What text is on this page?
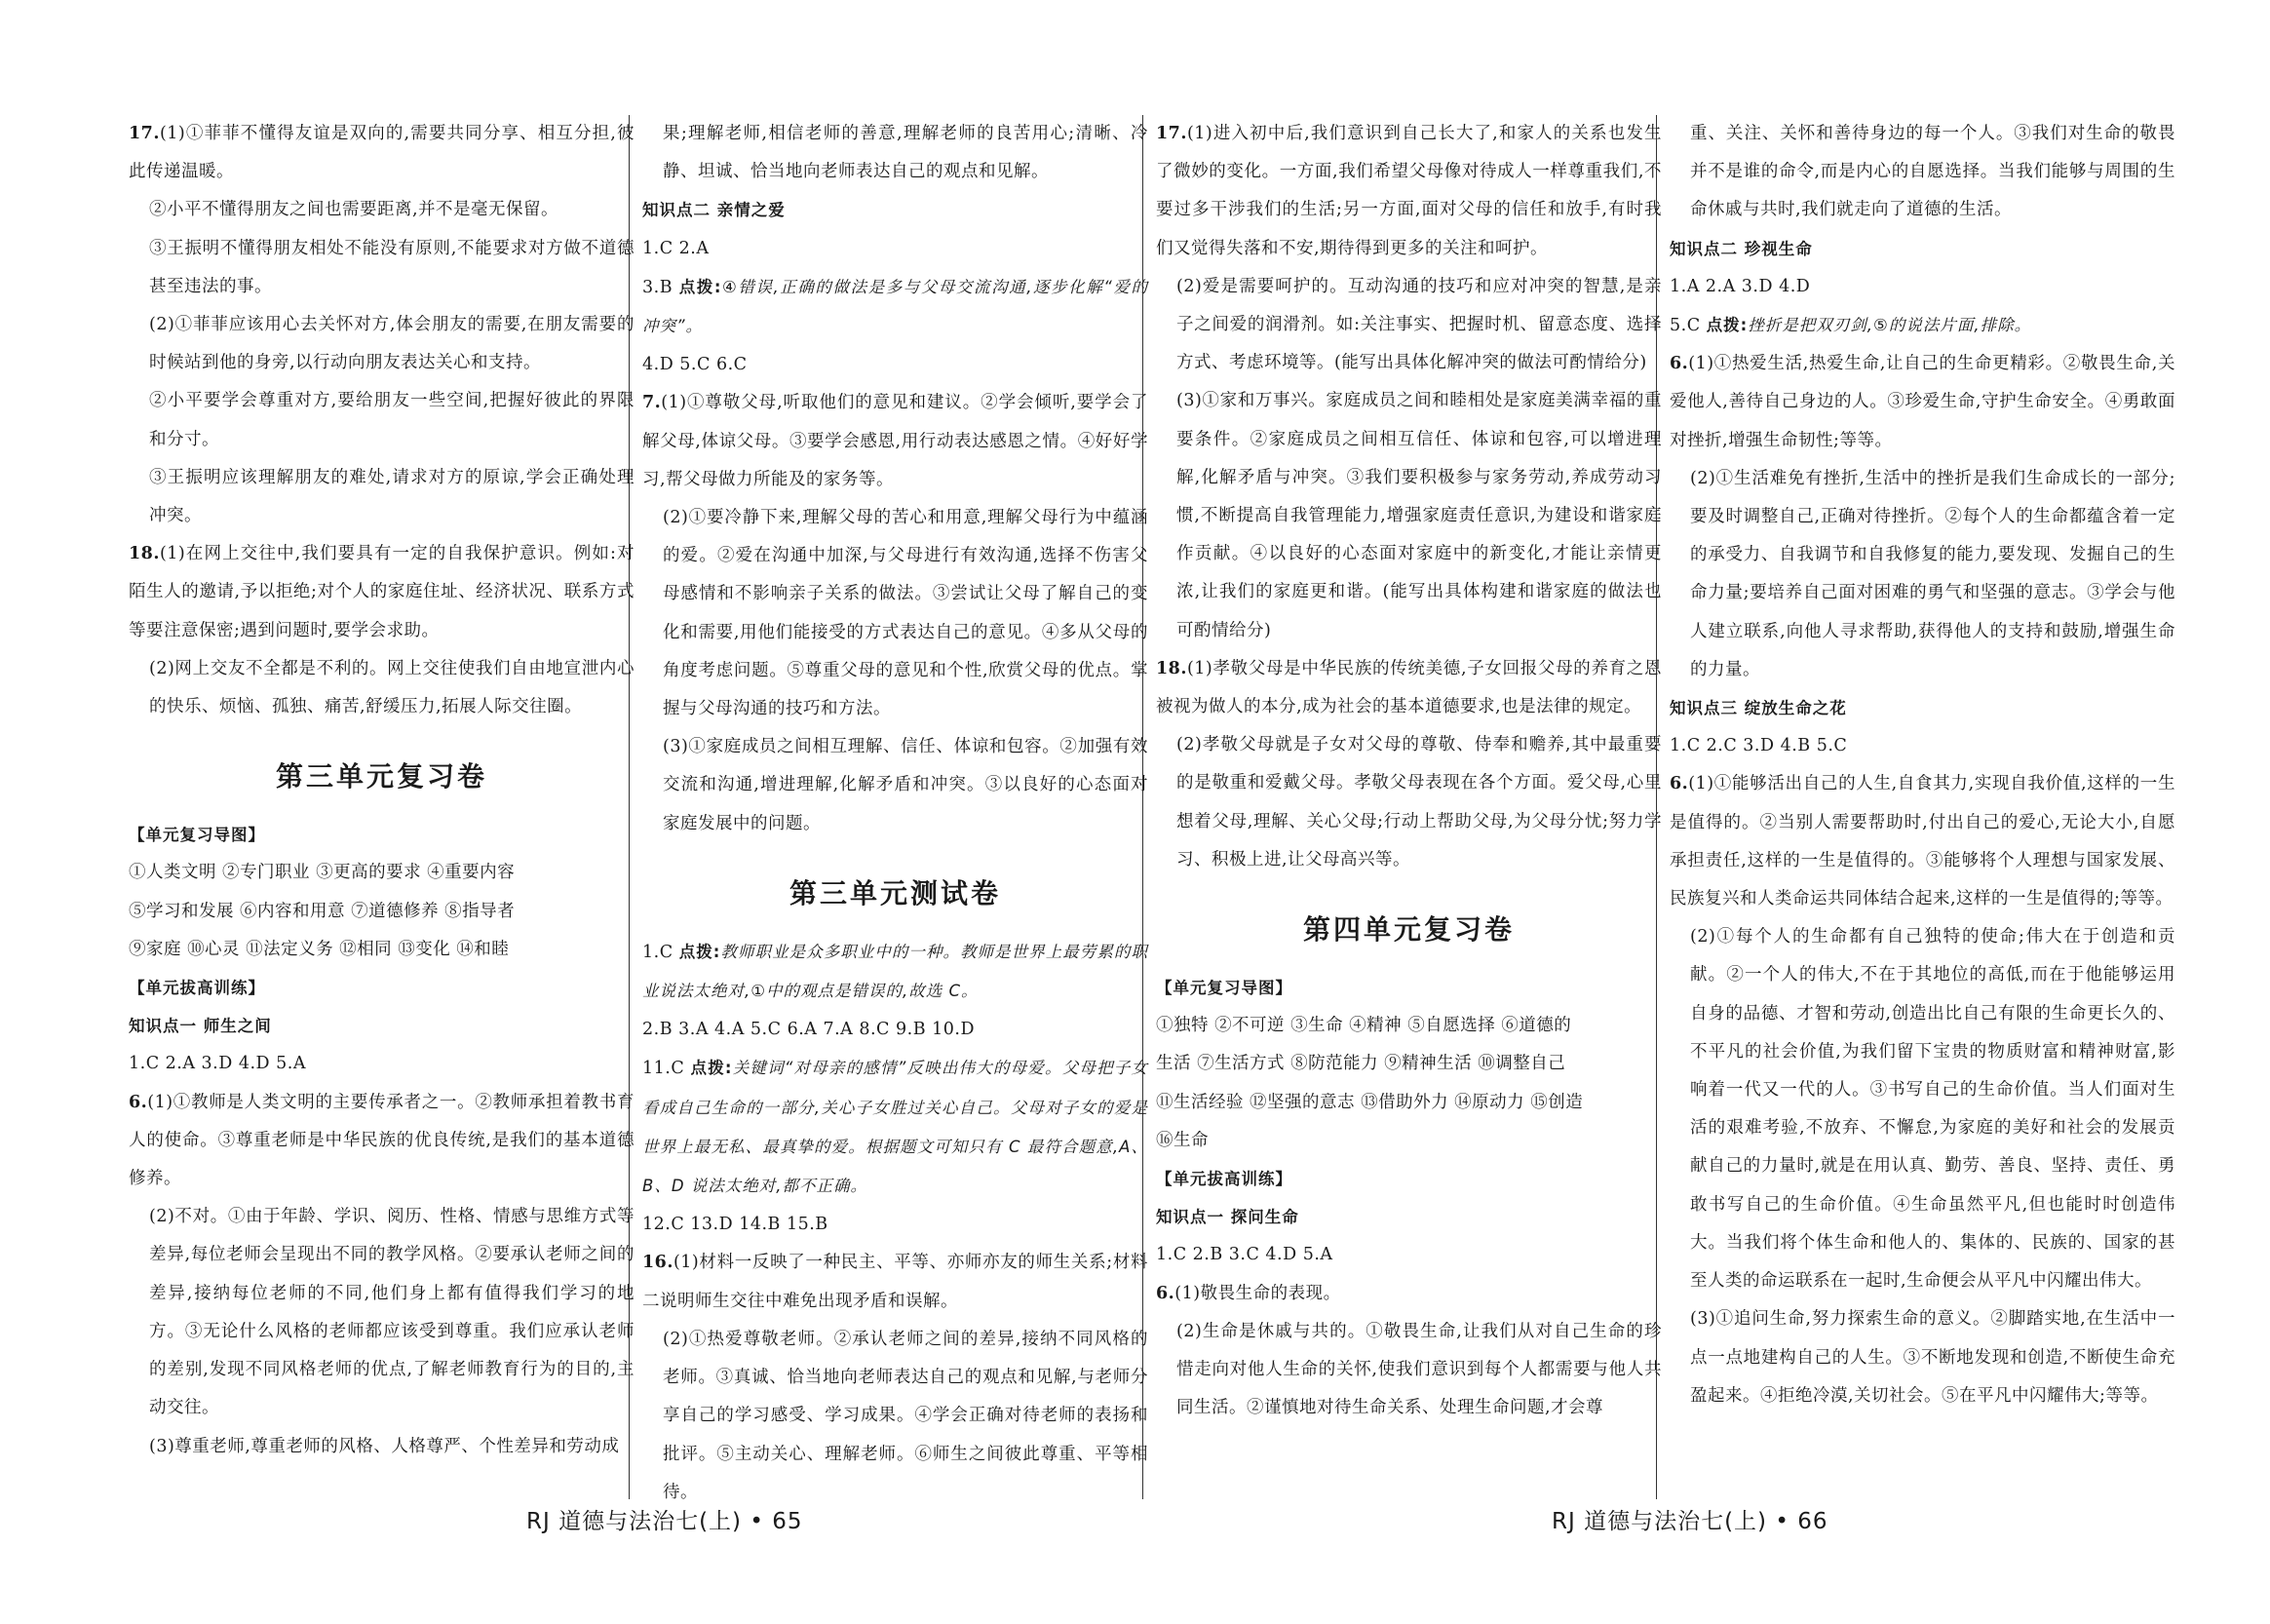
17.(1)①菲菲不懂得友谊是双向的,需要共同分享、相互分担,彼此传递温暖。

②小平不懂得朋友之间也需要距离,并不是毫无保留。

③王振明不懂得朋友相处不能没有原则,不能要求对方做不道德甚至违法的事。

(2)①菲菲应该用心去关怀对方,体会朋友的需要,在朋友需要的时候站到他的身旁,以行动向朋友表达关心和支持。

②小平要学会尊重对方,要给朋友一些空间,把握好彼此的界限和分寸。

③王振明应该理解朋友的难处,请求对方的原谅,学会正确处理冲突。

18.(1)在网上交往中,我们要具有一定的自我保护意识。例如:对陌生人的邀请,予以拒绝;对个人的家庭住址、经济状况、联系方式等要注意保密;遇到问题时,要学会求助。

(2)网上交友不全都是不利的。网上交往使我们自由地宣泄内心的快乐、烦恼、孤独、痛苦,舒缓压力,拓展人际交往圈。

第三单元复习卷

【单元复习导图】

①人类文明 ②专门职业 ③更高的要求 ④重要内容

⑤学习和发展 ⑥内容和用意 ⑦道德修养 ⑧指导者

⑨家庭 ⑩心灵 ⑪法定义务 ⑫相同 ⑬变化 ⑭和睦

【单元拔高训练】

知识点一 师生之间

1.C 2.A 3.D 4.D 5.A

6.(1)①教师是人类文明的主要传承者之一。②教师承担着教书育人的使命。③尊重老师是中华民族的优良传统,是我们的基本道德修养。

(2)不对。①由于年龄、学识、阅历、性格、情感与思维方式等差异,每位老师会呈现出不同的教学风格。②要承认老师之间的差异,接纳每位老师的不同,他们身上都有值得我们学习的地方。③无论什么风格的老师都应该受到尊重。我们应承认老师的差别,发现不同风格老师的优点,了解老师教育行为的目的,主动交往。

(3)尊重老师,尊重老师的风格、人格尊严、个性差异和劳动成

果;理解老师,相信老师的善意,理解老师的良苦用心;清晰、冷静、坦诚、恰当地向老师表达自己的观点和见解。

知识点二 亲情之爱

1.C 2.A

3.B 点拨:④错误,正确的做法是多与父母交流沟通,逐步化解“爱的冲突”。

4.D 5.C 6.C

7.(1)①尊敬父母,听取他们的意见和建议。②学会倾听,要学会了解父母,体谅父母。③要学会感恩,用行动表达感恩之情。④好好学习,帮父母做力所能及的家务等。

(2)①要冷静下来,理解父母的苦心和用意,理解父母行为中蕴涵的爱。②爱在沟通中加深,与父母进行有效沟通,选择不伤害父母感情和不影响亲子关系的做法。③尝试让父母了解自己的变化和需要,用他们能接受的方式表达自己的意见。④多从父母的角度考虑问题。⑤尊重父母的意见和个性,欣赏父母的优点。掌握与父母沟通的技巧和方法。

(3)①家庭成员之间相互理解、信任、体谅和包容。②加强有效交流和沟通,增进理解,化解矛盾和冲突。③以良好的心态面对家庭发展中的问题。

第三单元测试卷

1.C 点拨:教师职业是众多职业中的一种。教师是世界上最劳累的职业说法太绝对,①中的观点是错误的,故选 C。

2.B 3.A 4.A 5.C 6.A 7.A 8.C 9.B 10.D

11.C 点拨:关键词“对母亲的感情”反映出伟大的母爱。父母把子女看成自己生命的一部分,关心子女胜过关心自己。父母对子女的爱是世界上最无私、最真挚的爱。根据题文可知只有 C 最符合题意,A、B、D 说法太绝对,都不正确。

12.C 13.D 14.B 15.B

16.(1)材料一反映了一种民主、平等、亦师亦友的师生关系;材料二说明师生交往中难免出现矛盾和误解。

(2)①热爱尊敬老师。②承认老师之间的差异,接纳不同风格的老师。③真诚、恰当地向老师表达自己的观点和见解,与老师分享自己的学习感受、学习成果。④学会正确对待老师的表扬和批评。⑤主动关心、理解老师。⑥师生之间彼此尊重、平等相待。

17.(1)进入初中后,我们意识到自己长大了,和家人的关系也发生了微妙的变化。一方面,我们希望父母像对待成人一样尊重我们,不要过多干涉我们的生活;另一方面,面对父母的信任和放手,有时我们又觉得失落和不安,期待得到更多的关注和呵护。

(2)爱是需要呵护的。互动沟通的技巧和应对冲突的智慧,是亲子之间爱的润滑剂。如:关注事实、把握时机、留意态度、选择方式、考虑环境等。(能写出具体化解冲突的做法可酌情给分)

(3)①家和万事兴。家庭成员之间和睦相处是家庭美满幸福的重要条件。②家庭成员之间相互信任、体谅和包容,可以增进理解,化解矛盾与冲突。③我们要积极参与家务劳动,养成劳动习惯,不断提高自我管理能力,增强家庭责任意识,为建设和谐家庭作贡献。④以良好的心态面对家庭中的新变化,才能让亲情更浓,让我们的家庭更和谐。(能写出具体构建和谐家庭的做法也可酌情给分)

18.(1)孝敬父母是中华民族的传统美德,子女回报父母的养育之恩被视为做人的本分,成为社会的基本道德要求,也是法律的规定。

(2)孝敬父母就是子女对父母的尊敬、侍奉和赡养,其中最重要的是敬重和爱戴父母。孝敬父母表现在各个方面。爱父母,心里想着父母,理解、关心父母;行动上帮助父母,为父母分忧;努力学习、积极上进,让父母高兴等。

第四单元复习卷

【单元复习导图】

①独特 ②不可逆 ③生命 ④精神 ⑤自愿选择 ⑥道德的

生活 ⑦生活方式 ⑧防范能力 ⑨精神生活 ⑩调整自己

⑪生活经验 ⑫坚强的意志 ⑬借助外力 ⑭原动力 ⑮创造

⑯生命

【单元拔高训练】

知识点一 探问生命

1.C 2.B 3.C 4.D 5.A

6.(1)敬畏生命的表现。

(2)生命是休戚与共的。①敬畏生命,让我们从对自己生命的珍惜走向对他人生命的关怀,使我们意识到每个人都需要与他人共同生活。②谨慎地对待生命关系、处理生命问题,才会尊

重、关注、关怀和善待身边的每一个人。③我们对生命的敬畏并不是谁的命令,而是内心的自愿选择。当我们能够与周围的生命休戚与共时,我们就走向了道德的生活。

知识点二 珍视生命

1.A 2.A 3.D 4.D

5.C 点拨:挫折是把双刃剑,⑤的说法片面,排除。

6.(1)①热爱生活,热爱生命,让自己的生命更精彩。②敬畏生命,关爱他人,善待自己身边的人。③珍爱生命,守护生命安全。④勇敢面对挫折,增强生命韧性;等等。

(2)①生活难免有挫折,生活中的挫折是我们生命成长的一部分;要及时调整自己,正确对待挫折。②每个人的生命都蕴含着一定的承受力、自我调节和自我修复的能力,要发现、发掘自己的生命力量;要培养自己面对困难的勇气和坚强的意志。③学会与他人建立联系,向他人寻求帮助,获得他人的支持和鼓励,增强生命的力量。

知识点三 绽放生命之花

1.C 2.C 3.D 4.B 5.C

6.(1)①能够活出自己的人生,自食其力,实现自我价值,这样的一生是值得的。②当别人需要帮助时,付出自己的爱心,无论大小,自愿承担责任,这样的一生是值得的。③能够将个人理想与国家发展、民族复兴和人类命运共同体结合起来,这样的一生是值得的;等等。

(2)①每个人的生命都有自己独特的使命;伟大在于创造和贡献。②一个人的伟大,不在于其地位的高低,而在于他能够运用自身的品德、才智和劳动,创造出比自己有限的生命更长久的、不平凡的社会价值,为我们留下宝贵的物质财富和精神财富,影响着一代又一代的人。③书写自己的生命价值。当人们面对生活的艰难考验,不放弃、不懈怠,为家庭的美好和社会的发展贡献自己的力量时,就是在用认真、勤劳、善良、坚持、责任、勇敢书写自己的生命价值。④生命虽然平凡,但也能时时创造伟大。当我们将个体生命和他人的、集体的、民族的、国家的甚至人类的命运联系在一起时,生命便会从平凡中闪耀出伟大。

(3)①追问生命,努力探索生命的意义。②脚踏实地,在生活中一点一点地建构自己的人生。③不断地发现和创造,不断使生命充盈起来。④拒绝冷漠,关切社会。⑤在平凡中闪耀伟大;等等。

RJ 道德与法治七(上) • 65	RJ 道德与法治七(上) • 66
